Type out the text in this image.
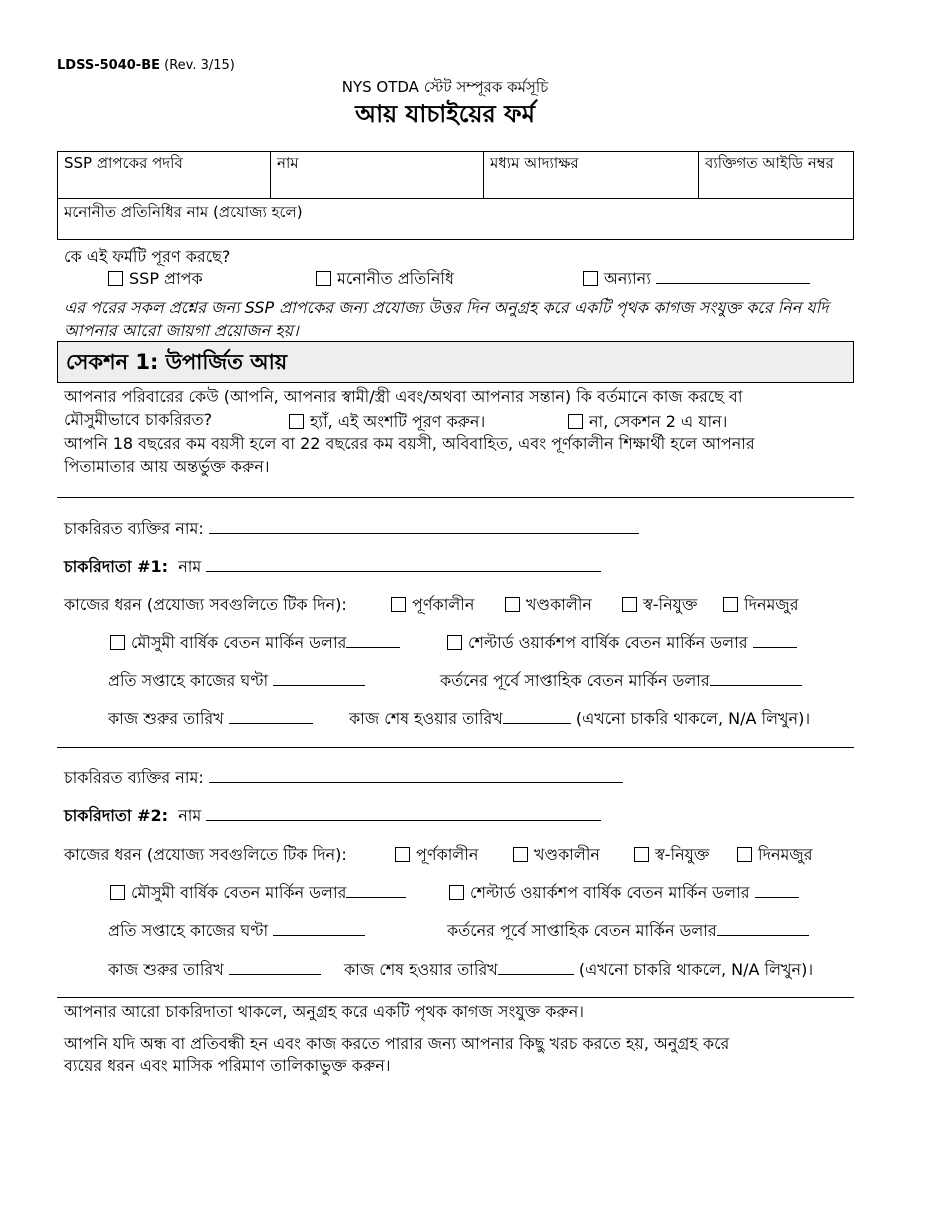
LDSS-5040-BE (Rev. 3/15)
NYS OTDA স্টেট সম্পূরক কর্মসূচি
আয় যাচাইয়ের ফর্ম
SSP প্রাপকের পদবি	নাম	মধ্যম আদ্যাক্ষর	ব্যক্তিগত আইডি নম্বর
মনোনীত প্রতিনিধির নাম (প্রযোজ্য হলে)
কে এই ফর্মটি পূরণ করছে?
SSP প্রাপক	মনোনীত প্রতিনিধি	অন্যান্য
এর পরের সকল প্রশ্নের জন্য SSP প্রাপকের জন্য প্রযোজ্য উত্তর দিন অনুগ্রহ করে একটি পৃথক কাগজ সংযুক্ত করে নিন যদি আপনার আরো জায়গা প্রয়োজন হয়।
সেকশন 1: উপার্জিত আয়
আপনার পরিবারের কেউ (আপনি, আপনার স্বামী/স্ত্রী এবং/অথবা আপনার সন্তান) কি বর্তমানে কাজ করছে বা
মৌসুমীভাবে চাকরিরত?	হ্যাঁ, এই অংশটি পূরণ করুন।	না, সেকশন 2 এ যান।
আপনি 18 বছরের কম বয়সী হলে বা 22 বছরের কম বয়সী, অবিবাহিত, এবং পূর্ণকালীন শিক্ষার্থী হলে আপনার
পিতামাতার আয় অন্তর্ভুক্ত করুন।
চাকরিরত ব্যক্তির নাম:
চাকরিদাতা #1: নাম
কাজের ধরন (প্রযোজ্য সবগুলিতে টিক দিন):	পূর্ণকালীন	খণ্ডকালীন	স্ব-নিযুক্ত	দিনমজুর
মৌসুমী বার্ষিক বেতন মার্কিন ডলার	শেল্টার্ড ওয়ার্কশপ বার্ষিক বেতন মার্কিন ডলার
প্রতি সপ্তাহে কাজের ঘণ্টা	কর্তনের পূর্বে সাপ্তাহিক বেতন মার্কিন ডলার
কাজ শুরুর তারিখ	কাজ শেষ হওয়ার তারিখ	(এখনো চাকরি থাকলে, N/A লিখুন)।
চাকরিরত ব্যক্তির নাম:
চাকরিদাতা #2: নাম
কাজের ধরন (প্রযোজ্য সবগুলিতে টিক দিন):	পূর্ণকালীন	খণ্ডকালীন	স্ব-নিযুক্ত	দিনমজুর
মৌসুমী বার্ষিক বেতন মার্কিন ডলার	শেল্টার্ড ওয়ার্কশপ বার্ষিক বেতন মার্কিন ডলার
প্রতি সপ্তাহে কাজের ঘণ্টা	কর্তনের পূর্বে সাপ্তাহিক বেতন মার্কিন ডলার
কাজ শুরুর তারিখ	কাজ শেষ হওয়ার তারিখ	(এখনো চাকরি থাকলে, N/A লিখুন)।
আপনার আরো চাকরিদাতা থাকলে, অনুগ্রহ করে একটি পৃথক কাগজ সংযুক্ত করুন।
আপনি যদি অন্ধ বা প্রতিবন্ধী হন এবং কাজ করতে পারার জন্য আপনার কিছু খরচ করতে হয়, অনুগ্রহ করে
ব্যয়ের ধরন এবং মাসিক পরিমাণ তালিকাভুক্ত করুন।
